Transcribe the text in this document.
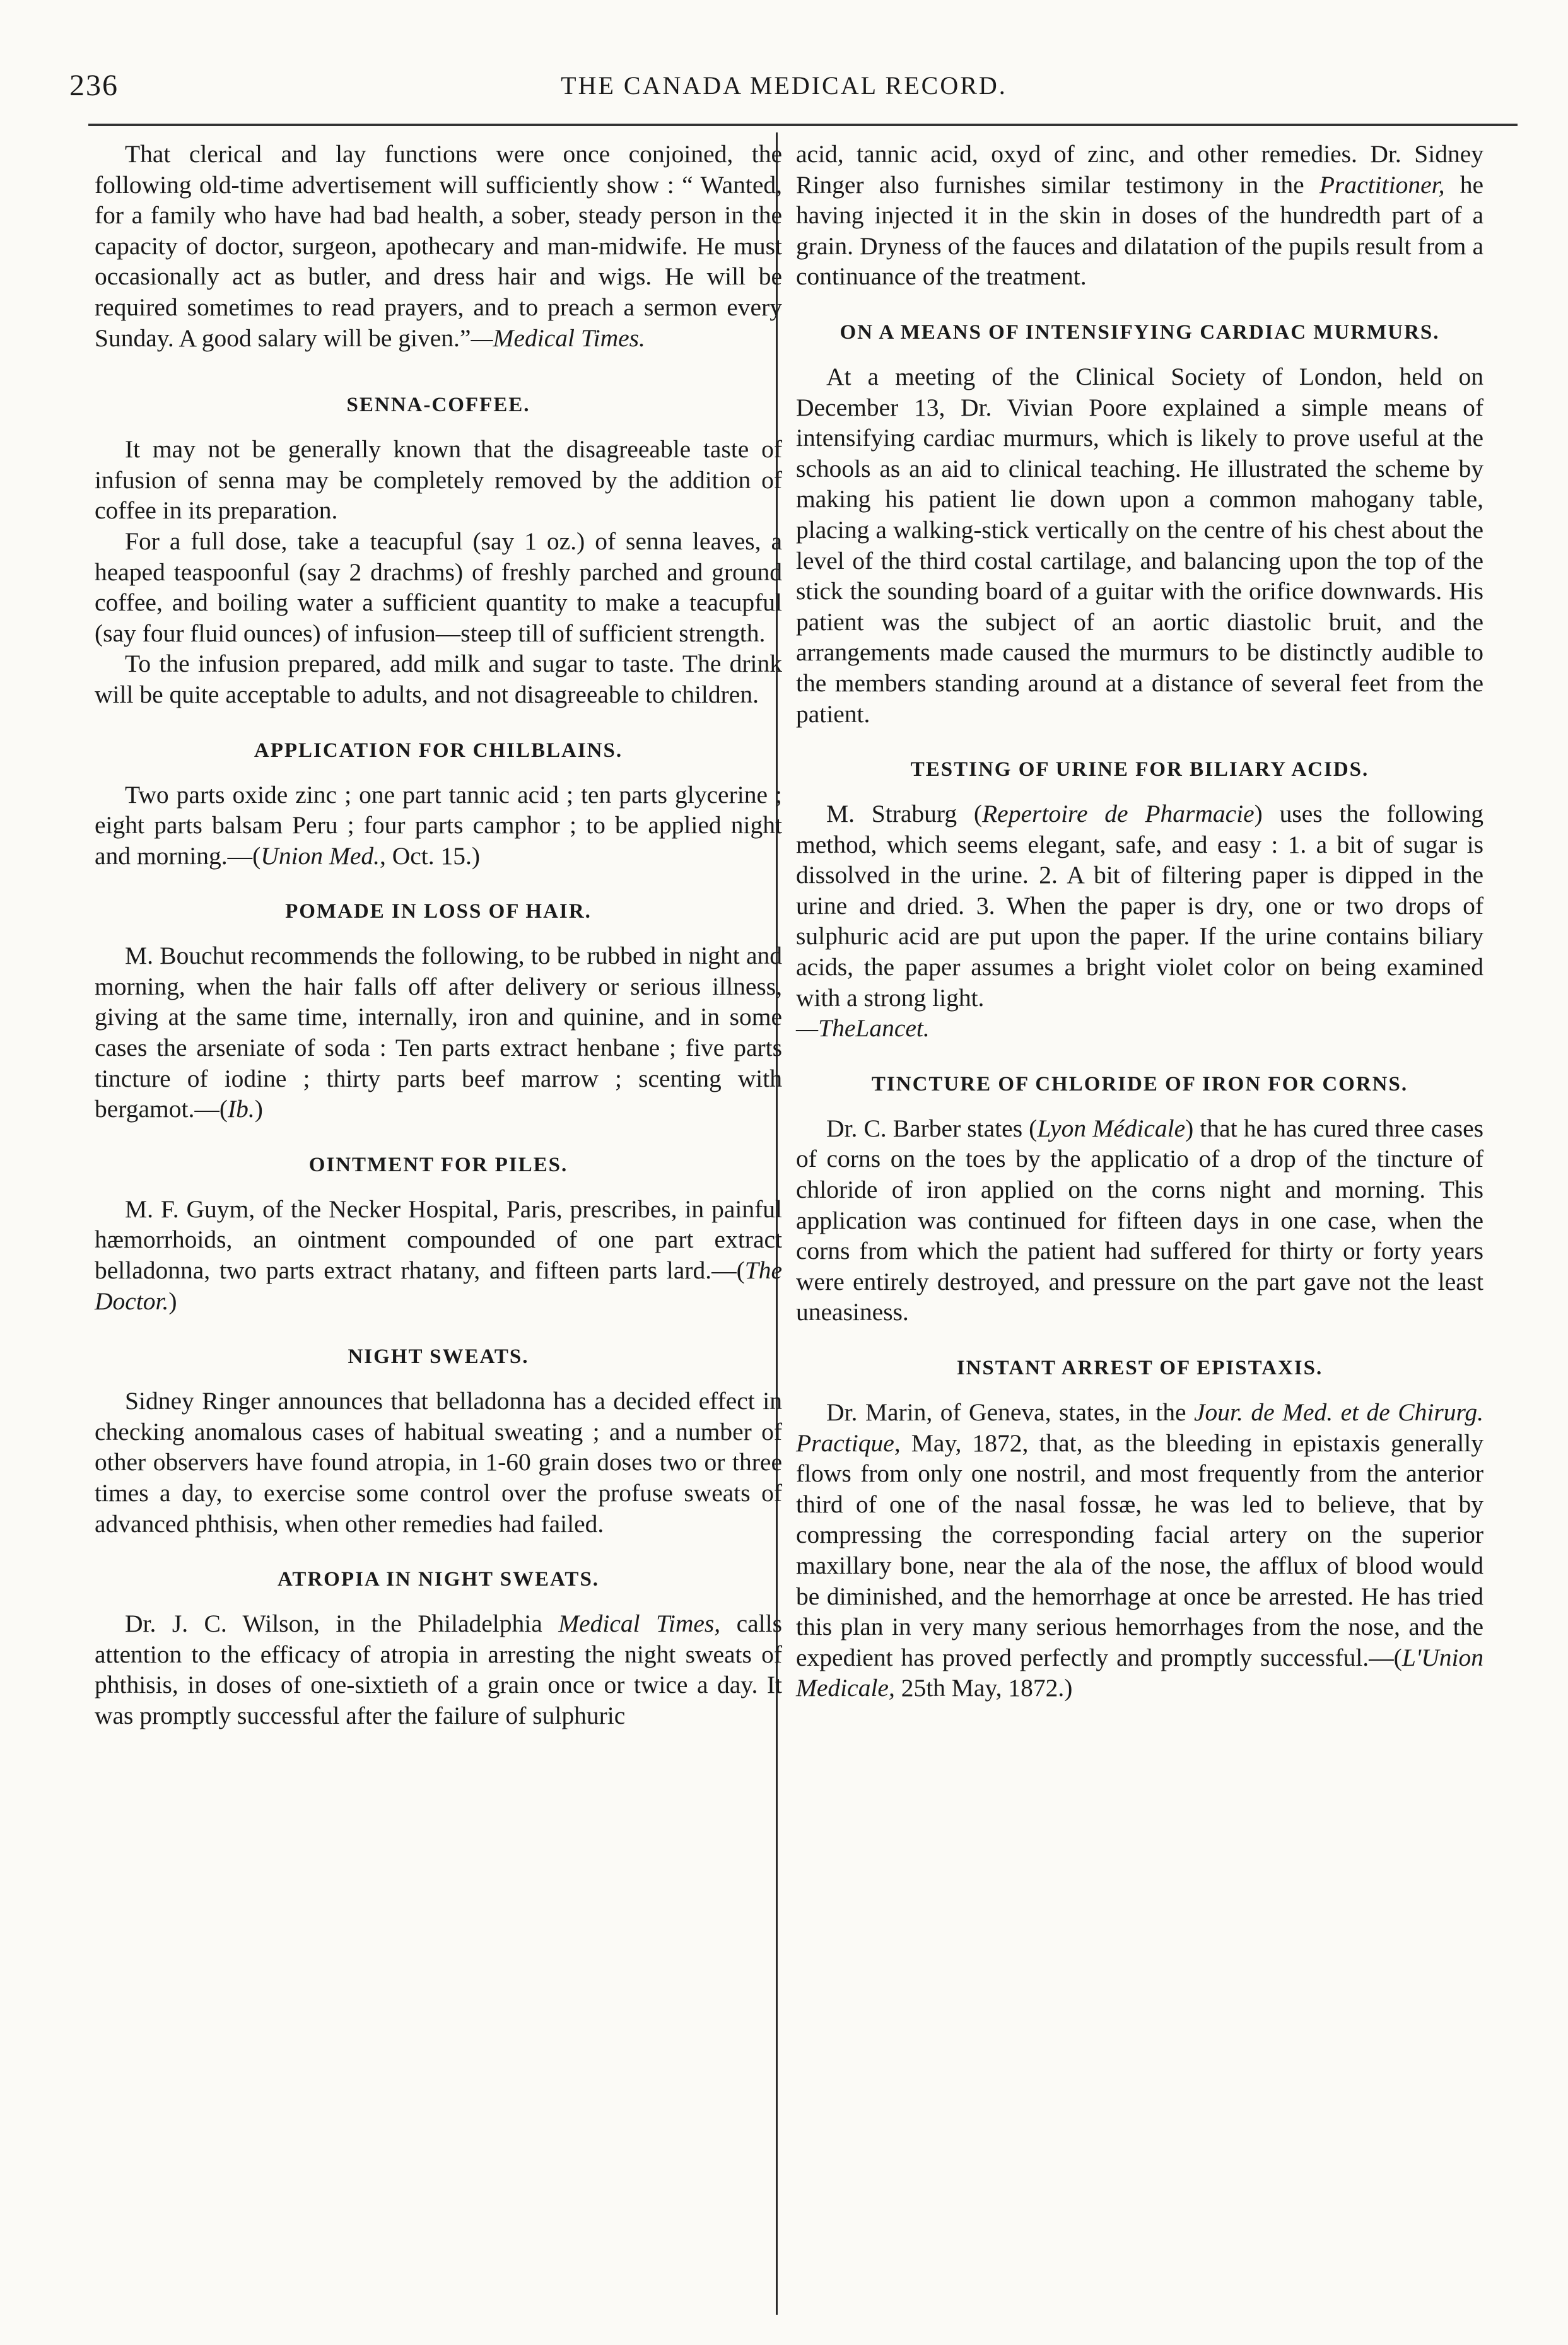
236	THE CANADA MEDICAL RECORD.

That clerical and lay functions were once conjoined, the following old-time advertisement will sufficiently show : “ Wanted, for a family who have had bad health, a sober, steady person in the capacity of doctor, surgeon, apothecary and man-midwife. He must occasionally act as butler, and dress hair and wigs. He will be required sometimes to read prayers, and to preach a sermon every Sunday. A good salary will be given.”—Medical Times.

SENNA-COFFEE.

It may not be generally known that the disagreeable taste of infusion of senna may be completely removed by the addition of coffee in its preparation.

For a full dose, take a teacupful (say 1 oz.) of senna leaves, a heaped teaspoonful (say 2 drachms) of freshly parched and ground coffee, and boiling water a sufficient quantity to make a teacupful (say four fluid ounces) of infusion—steep till of sufficient strength.

To the infusion prepared, add milk and sugar to taste. The drink will be quite acceptable to adults, and not disagreeable to children.

APPLICATION FOR CHILBLAINS.

Two parts oxide zinc ; one part tannic acid ; ten parts glycerine ; eight parts balsam Peru ; four parts camphor ; to be applied night and morning.—(Union Med., Oct. 15.)

POMADE IN LOSS OF HAIR.

M. Bouchut recommends the following, to be rubbed in night and morning, when the hair falls off after delivery or serious illness, giving at the same time, internally, iron and quinine, and in some cases the arseniate of soda : Ten parts extract henbane ; five parts tincture of iodine ; thirty parts beef marrow ; scenting with bergamot.—(Ib.)

OINTMENT FOR PILES.

M. F. Guym, of the Necker Hospital, Paris, prescribes, in painful hæmorrhoids, an ointment compounded of one part extract belladonna, two parts extract rhatany, and fifteen parts lard.—(The Doctor.)

NIGHT SWEATS.

Sidney Ringer announces that belladonna has a decided effect in checking anomalous cases of habitual sweating ; and a number of other observers have found atropia, in 1-60 grain doses two or three times a day, to exercise some control over the profuse sweats of advanced phthisis, when other remedies had failed.

ATROPIA IN NIGHT SWEATS.

Dr. J. C. Wilson, in the Philadelphia Medical Times, calls attention to the efficacy of atropia in arresting the night sweats of phthisis, in doses of one-sixtieth of a grain once or twice a day. It was promptly successful after the failure of sulphuric

acid, tannic acid, oxyd of zinc, and other remedies. Dr. Sidney Ringer also furnishes similar testimony in the Practitioner, he having injected it in the skin in doses of the hundredth part of a grain. Dryness of the fauces and dilatation of the pupils result from a continuance of the treatment.

ON A MEANS OF INTENSIFYING CARDIAC MURMURS.

At a meeting of the Clinical Society of London, held on December 13, Dr. Vivian Poore explained a simple means of intensifying cardiac murmurs, which is likely to prove useful at the schools as an aid to clinical teaching. He illustrated the scheme by making his patient lie down upon a common mahogany table, placing a walking-stick vertically on the centre of his chest about the level of the third costal cartilage, and balancing upon the top of the stick the sounding board of a guitar with the orifice downwards. His patient was the subject of an aortic diastolic bruit, and the arrangements made caused the murmurs to be distinctly audible to the members standing around at a distance of several feet from the patient.

TESTING OF URINE FOR BILIARY ACIDS.

M. Straburg (Repertoire de Pharmacie) uses the following method, which seems elegant, safe, and easy : 1. a bit of sugar is dissolved in the urine. 2. A bit of filtering paper is dipped in the urine and dried. 3. When the paper is dry, one or two drops of sulphuric acid are put upon the paper. If the urine contains biliary acids, the paper assumes a bright violet color on being examined with a strong light.

—TheLancet.

TINCTURE OF CHLORIDE OF IRON FOR CORNS.

Dr. C. Barber states (Lyon Médicale) that he has cured three cases of corns on the toes by the applicatio of a drop of the tincture of chloride of iron applied on the corns night and morning. This application was continued for fifteen days in one case, when the corns from which the patient had suffered for thirty or forty years were entirely destroyed, and pressure on the part gave not the least uneasiness.

INSTANT ARREST OF EPISTAXIS.

Dr. Marin, of Geneva, states, in the Jour. de Med. et de Chirurg. Practique, May, 1872, that, as the bleeding in epistaxis generally flows from only one nostril, and most frequently from the anterior third of one of the nasal fossæ, he was led to believe, that by compressing the corresponding facial artery on the superior maxillary bone, near the ala of the nose, the afflux of blood would be diminished, and the hemorrhage at once be arrested. He has tried this plan in very many serious hemorrhages from the nose, and the expedient has proved perfectly and promptly successful.—(L'Union Medicale, 25th May, 1872.)
